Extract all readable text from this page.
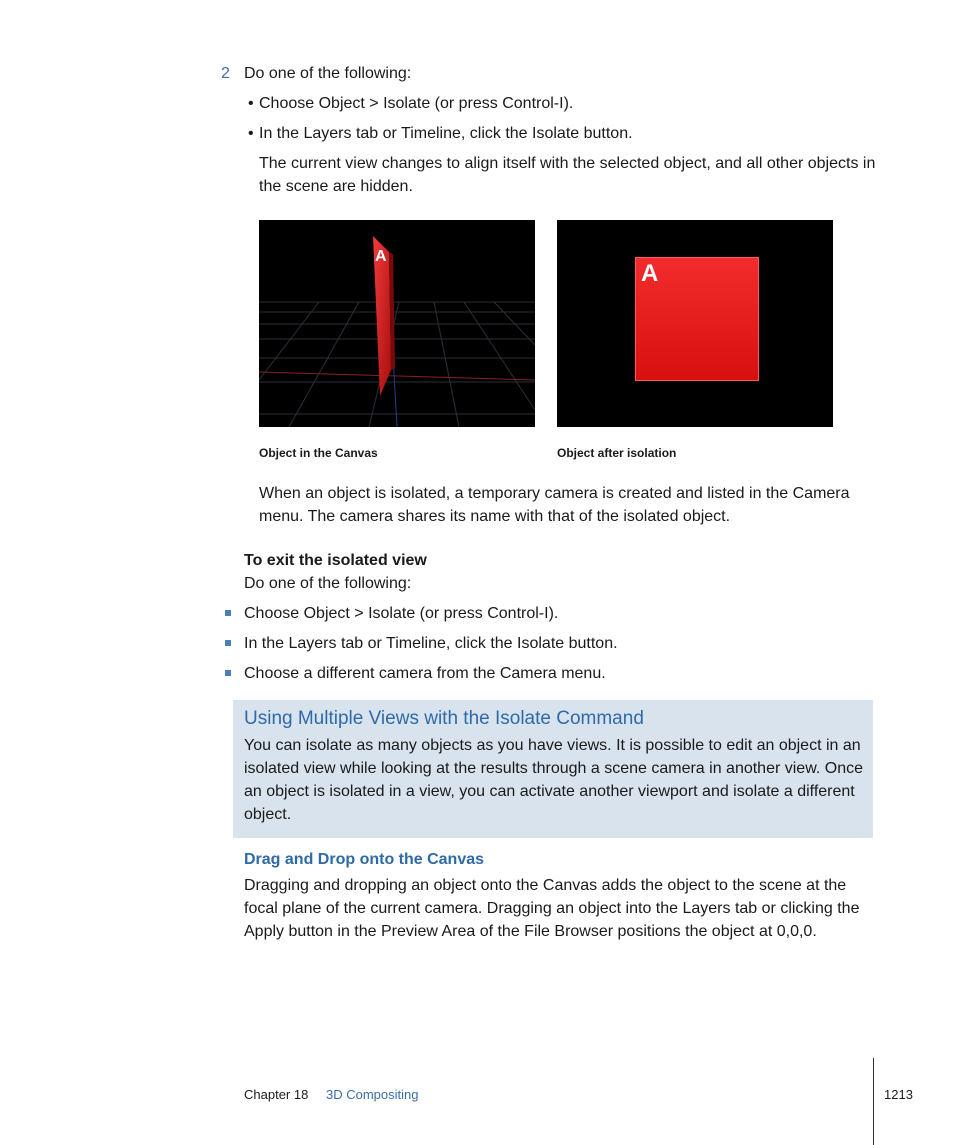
2 Do one of the following:
• Choose Object > Isolate (or press Control-I).
• In the Layers tab or Timeline, click the Isolate button.
The current view changes to align itself with the selected object, and all other objects in the scene are hidden.
A
Object in the Canvas
A
Object after isolation
When an object is isolated, a temporary camera is created and listed in the Camera menu. The camera shares its name with that of the isolated object.
To exit the isolated view
Do one of the following:
Choose Object > Isolate (or press Control-I).
In the Layers tab or Timeline, click the Isolate button.
Choose a different camera from the Camera menu.
Using Multiple Views with the Isolate Command
You can isolate as many objects as you have views. It is possible to edit an object in an isolated view while looking at the results through a scene camera in another view. Once an object is isolated in a view, you can activate another viewport and isolate a different object.
Drag and Drop onto the Canvas
Dragging and dropping an object onto the Canvas adds the object to the scene at the focal plane of the current camera. Dragging an object into the Layers tab or clicking the Apply button in the Preview Area of the File Browser positions the object at 0,0,0.
Chapter 18 3D Compositing	1213
